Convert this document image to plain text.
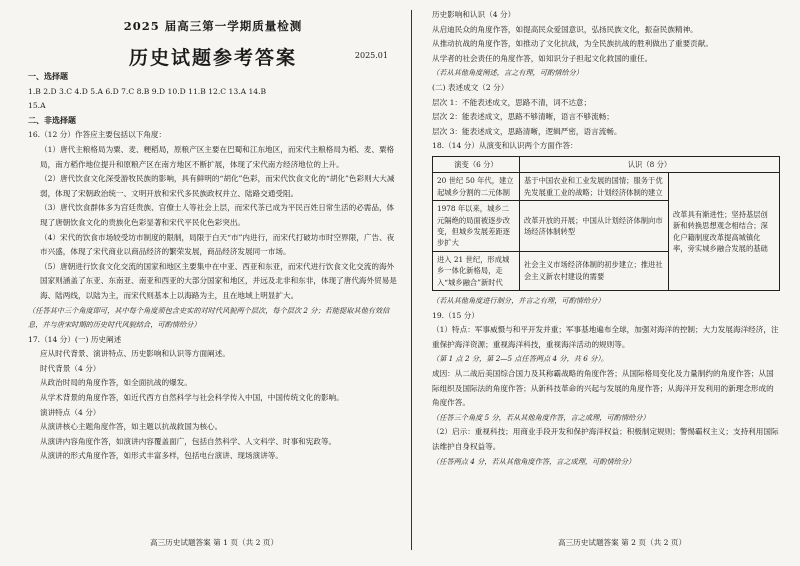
2025 届高三第一学期质量检测
历史试题参考答案	2025.01
一、选择题
1.B 2.D 3.C 4.D 5.A 6.D 7.C 8.B 9.D 10.D 11.B 12.C 13.A 14.B
15.A
二、非选择题
16.（12 分）作答应主要包括以下角度：
（1）唐代主粮格局为粟、麦、粳稻局，原粮产区主要在巴蜀和江东地区，而宋代主粮格局为稻、麦、粟格局，南方稻作地位提升和原粮产区在南方地区不断扩展，体现了宋代南方经济地位的上升。
（2）唐代饮食文化深受游牧民族的影响，具有鲜明的“胡化”色彩，而宋代饮食文化的“胡化”色彩则大大减弱，体现了宋朝政治统一、文明开放和宋代多民族政权并立、陆路交通受阻。
（3）唐代饮食群体多为宫廷贵族、官僚士人等社会上层，而宋代茶已成为平民百姓日常生活的必需品，体现了唐朝饮食文化的贵族化色彩显著和宋代平民化色彩突出。
（4）宋代的饮食市场较受坊市制度的限制，局限于白天“市”内进行，而宋代打破坊市时空界限，广告、夜市兴盛，体现了宋代商业以商品经济的繁荣发展，商品经济发展同一市场。
（5）唐朝进行饮食文化交流的国家和地区主要集中在中亚、西亚和东亚，而宋代进行饮食文化交流的海外国家则涵盖了东亚、东南亚、南亚和西亚的大部分国家和地区，并远及北非和东非，体现了唐代海外贸易是海、陆两线，以陆为主，而宋代则基本上以海路为主，且在地域上明显扩大。
（任答其中三个角度即可，其中每个角度须包含史实的对时代风貌两个层次，每个层次 2 分；若能提取其他有效信息，并与唐宋时期的历史时代风貌结合，可酌情给分）
17.（14 分）(一) 历史阐述
应从时代背景、演讲特点、历史影响和认识等方面阐述。
时代背景（4 分）
从政治时局的角度作答，如全面抗战的爆发。
从学术背景的角度作答，如近代西方自然科学与社会科学传入中国，中国传统文化的影响。
演讲特点（4 分）
从演讲核心主题角度作答，如主题以抗战救国为核心。
从演讲内容角度作答，如演讲内容覆盖面广，包括自然科学、人文科学、时事和宪政等。
从演讲的形式角度作答，如形式丰富多样，包括电台演讲、现场演讲等。
高三历史试题答案 第 1 页（共 2 页）
历史影响和认识（4 分）
从启迪民众的角度作答，如提高民众爱国意识，弘扬民族文化，振奋民族精神。
从推动抗战的角度作答，如推动了文化抗战，为全民族抗战的胜利做出了重要贡献。
从学者的社会责任的角度作答，如知识分子担起文化救国的重任。
（若从其他角度阐述，言之有理，可酌情给分）
(二) 表述成文（2 分）
层次 1：不能表述成文，思路不清，词不达意；
层次 2：能表述成文，思路不够清晰，语言不够流畅；
层次 3：能表述成文，思路清晰，逻辑严密，语言流畅。
18.（14 分）从演变和认识两个方面作答：
演变（6 分）	认识（8 分）	
20 世纪 50 年代，建立起城乡分割的二元体制	基于中国农业和工业发展的国情；服务于优先发展重工业的战略；计划经济体制的建立	改革具有渐进性；坚持基层创新和转换思想观念相结合；深化户籍制度改革提高城镇化率，旁实城乡融合发展的基础
1978 年以来，城乡二元隔绝的局面被逐步改变，但城乡发展差距逐步扩大	改革开放的开展；中国从计划经济体制向市场经济体制转型	
进入 21 世纪，形成城乡一体化新格局，走入“城乡融合”新时代	社会主义市场经济体制的初步建立；推进社会主义新农村建设的需要	
（若从其他角度进行制分，并言之有理，可酌情给分）
19.（15 分）
（1）特点：军事威慑与和平开发并重；军事基地遍布全球，加强对海洋的控制；大力发展海洋经济，注重保护海洋资源；重视海洋科技，重视海洋活动的规则等。
（第 1 点 2 分，第 2—5 点任答两点 4 分，共 6 分）。
成因：从二战后美国综合国力及其称霸战略的角度作答；从国际格局变化及力量制约的角度作答；从国际组织及国际法的角度作答；从新科技革命的兴起与发展的角度作答；从海洋开发利用的新理念形成的角度作答。
（任答三个角度 5 分，若从其他角度作答，言之成理，可酌情给分）
（2）启示：重视科技；用商业手段开发和保护海洋权益；积极制定规则；警惕霸权主义；支持利用国际法维护自身权益等。
（任答两点 4 分，若从其他角度作答，言之成理，可酌情给分）
高三历史试题答案 第 2 页（共 2 页）
